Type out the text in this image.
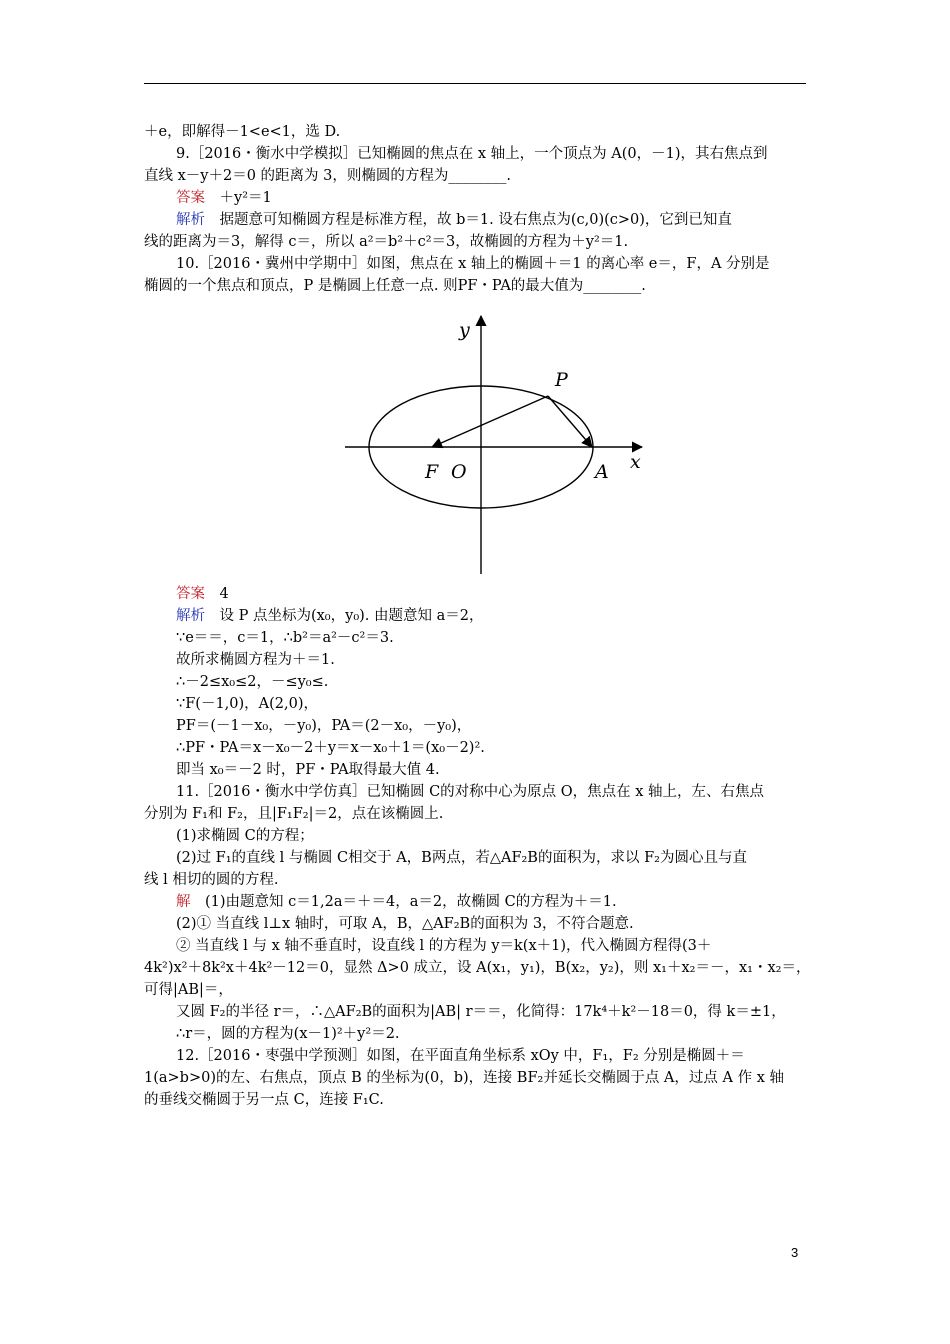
＋e，即解得－1<e<1，选 D.
9.［2016・衡水中学模拟］已知椭圆的焦点在 x 轴上，一个顶点为 A(0，－1)，其右焦点到
直线 x－y＋2＝0 的距离为 3，则椭圆的方程为________.
答案  ＋y²＝1
解析  据题意可知椭圆方程是标准方程，故 b＝1. 设右焦点为(c,0)(c>0)，它到已知直
线的距离为＝3，解得 c＝，所以 a²＝b²＋c²＝3，故椭圆的方程为＋y²＝1.
10.［2016・冀州中学期中］如图，焦点在 x 轴上的椭圆＋＝1 的离心率 e＝，F，A 分别是
椭圆的一个焦点和顶点，P 是椭圆上任意一点. 则PF・PA的最大值为________.
y
x
P
F O	A
答案  4
解析  设 P 点坐标为(x₀，y₀). 由题意知 a＝2，
∵e＝＝，c＝1，∴b²＝a²－c²＝3.
故所求椭圆方程为＋＝1.
∴－2≤x₀≤2，－≤y₀≤.
∵F(－1,0)，A(2,0)，
PF＝(－1－x₀，－y₀)，PA＝(2－x₀，－y₀)，
∴PF・PA＝x－x₀－2＋y＝x－x₀＋1＝(x₀－2)².
即当 x₀＝－2 时，PF・PA取得最大值 4.
11.［2016・衡水中学仿真］已知椭圆 C的对称中心为原点 O，焦点在 x 轴上，左、右焦点
分别为 F₁和 F₂，且|F₁F₂|＝2，点在该椭圆上.
(1)求椭圆 C的方程；
(2)过 F₁的直线 l 与椭圆 C相交于 A，B两点，若△AF₂B的面积为，求以 F₂为圆心且与直
线 l 相切的圆的方程.
解  (1)由题意知 c＝1,2a＝＋＝4，a＝2，故椭圆 C的方程为＋＝1.
(2)① 当直线 l⊥x 轴时，可取 A，B，△AF₂B的面积为 3，不符合题意.
② 当直线 l 与 x 轴不垂直时，设直线 l 的方程为 y＝k(x＋1)，代入椭圆方程得(3＋
4k²)x²＋8k²x＋4k²－12＝0，显然 Δ>0 成立，设 A(x₁，y₁)，B(x₂，y₂)，则 x₁＋x₂＝－，x₁・x₂＝，
可得|AB|＝，
又圆 F₂的半径 r＝，∴△AF₂B的面积为|AB| r＝＝，化简得：17k⁴＋k²－18＝0，得 k＝±1，
∴r＝，圆的方程为(x－1)²＋y²＝2.
12.［2016・枣强中学预测］如图，在平面直角坐标系 xOy 中，F₁，F₂ 分别是椭圆＋＝
1(a>b>0)的左、右焦点，顶点 B 的坐标为(0，b)，连接 BF₂并延长交椭圆于点 A，过点 A 作 x 轴
的垂线交椭圆于另一点 C，连接 F₁C.
3
